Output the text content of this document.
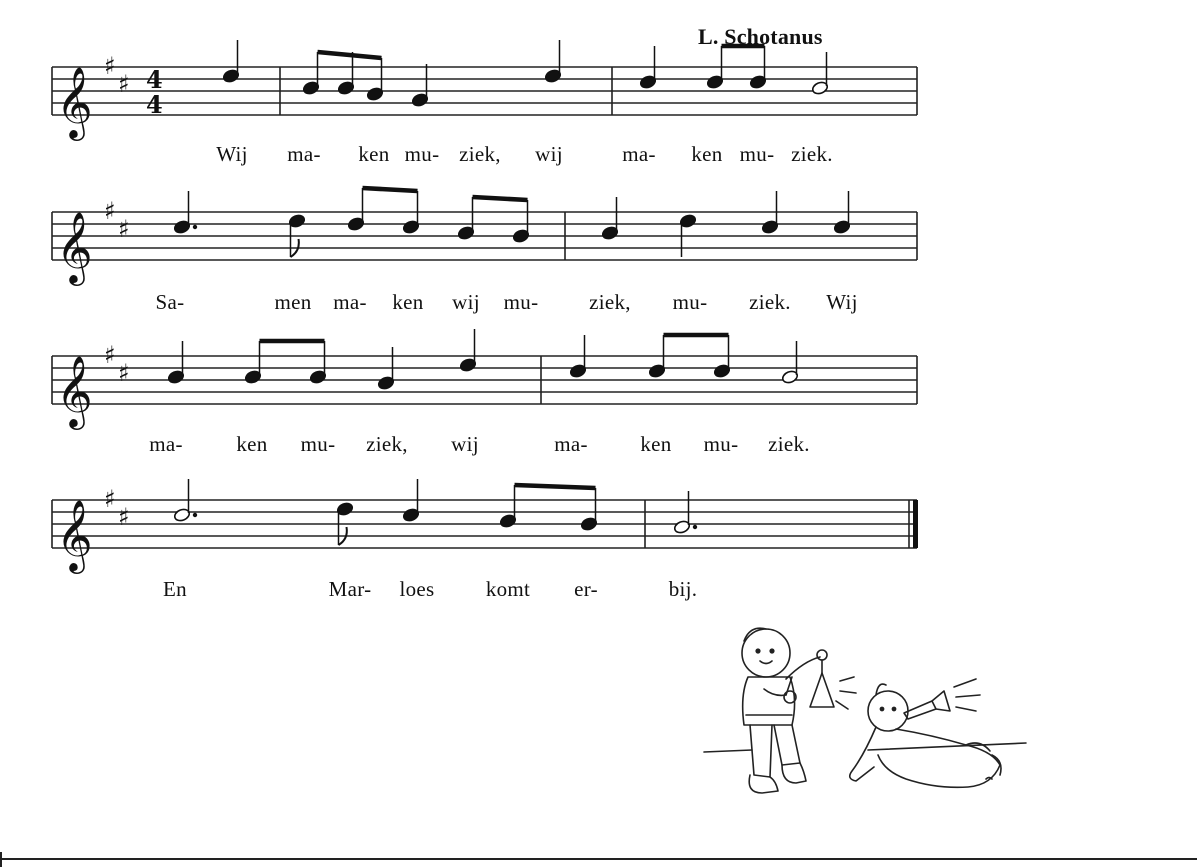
𝄞 ♯
♯ 4
4
𝄞 ♯
♯
𝄞 ♯
♯
𝄞 ♯
♯
L. Schotanus
Wij ma- ken mu- ziek, wij	ma- ken mu- ziek.
Sa-	men ma- ken wij mu- ziek, mu- ziek. Wij
ma-	ken mu- ziek, wij	ma-	ken mu- ziek.
En	Mar- loes komt er-	bij.
